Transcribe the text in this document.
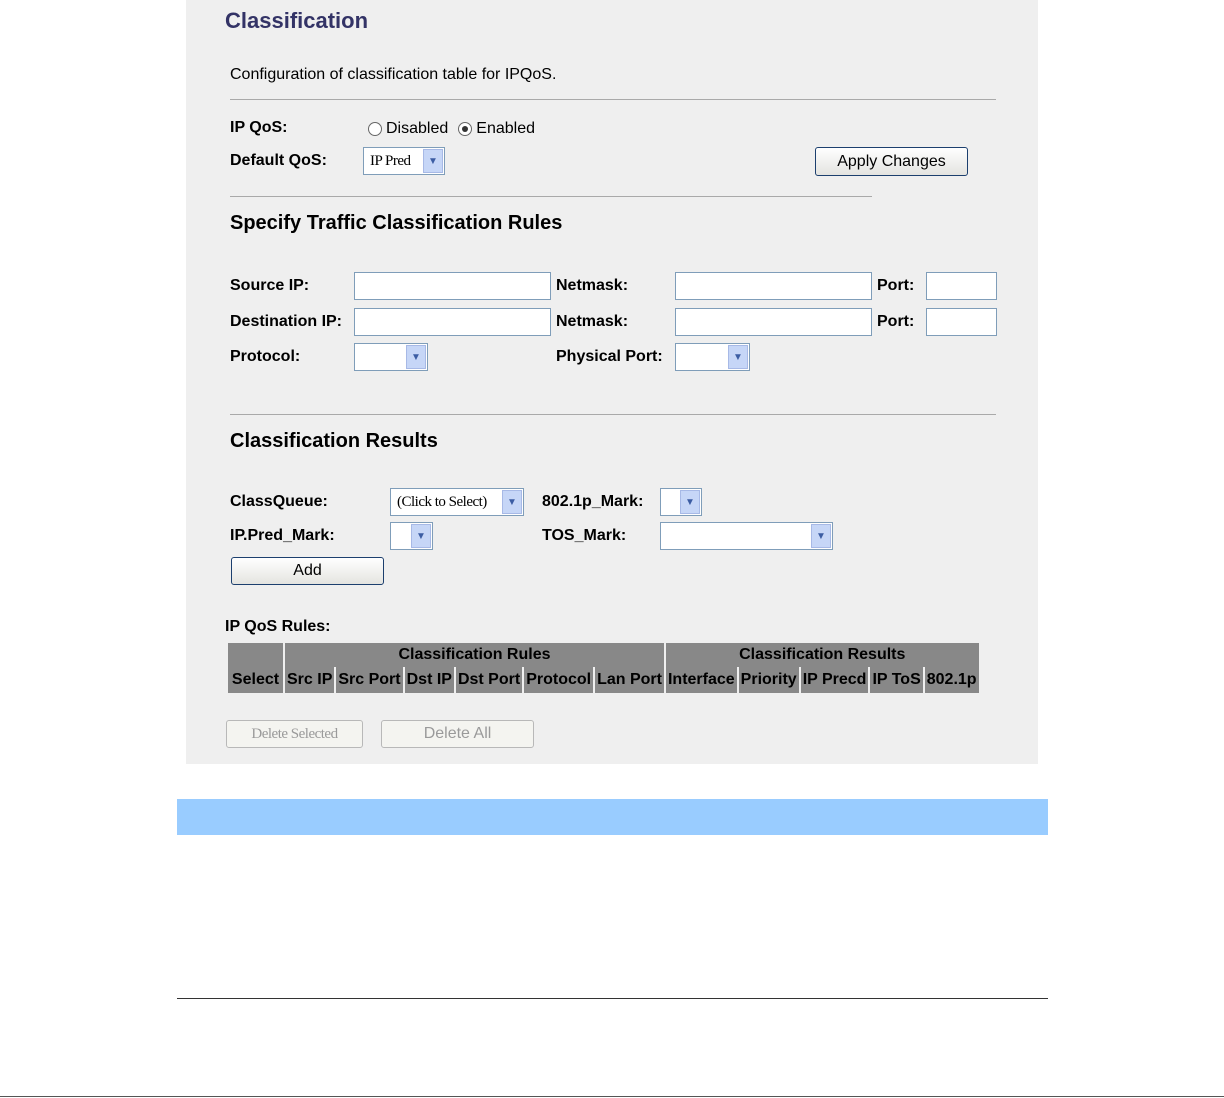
Classification
Configuration of classification table for IPQoS.
IP QoS:	Disabled Enabled
Default QoS:	IP Pred	▼	Apply Changes
Specify Traffic Classification Rules
Source IP:	Netmask:	Port:
Destination IP:	Netmask:	Port:
Protocol:	▼	Physical Port:	▼
Classification Results
ClassQueue:	(Click to Select)	▼	802.1p_Mark:	▼
IP.Pred_Mark:	▼	TOS_Mark:	▼
Add
IP QoS Rules:
	Classification Rules						Classification Results				
Select	Src IP	Src Port	Dst IP	Dst Port	Protocol	Lan Port	Interface	Priority	IP Precd	IP ToS	802.1p
Delete Selected	Delete All
